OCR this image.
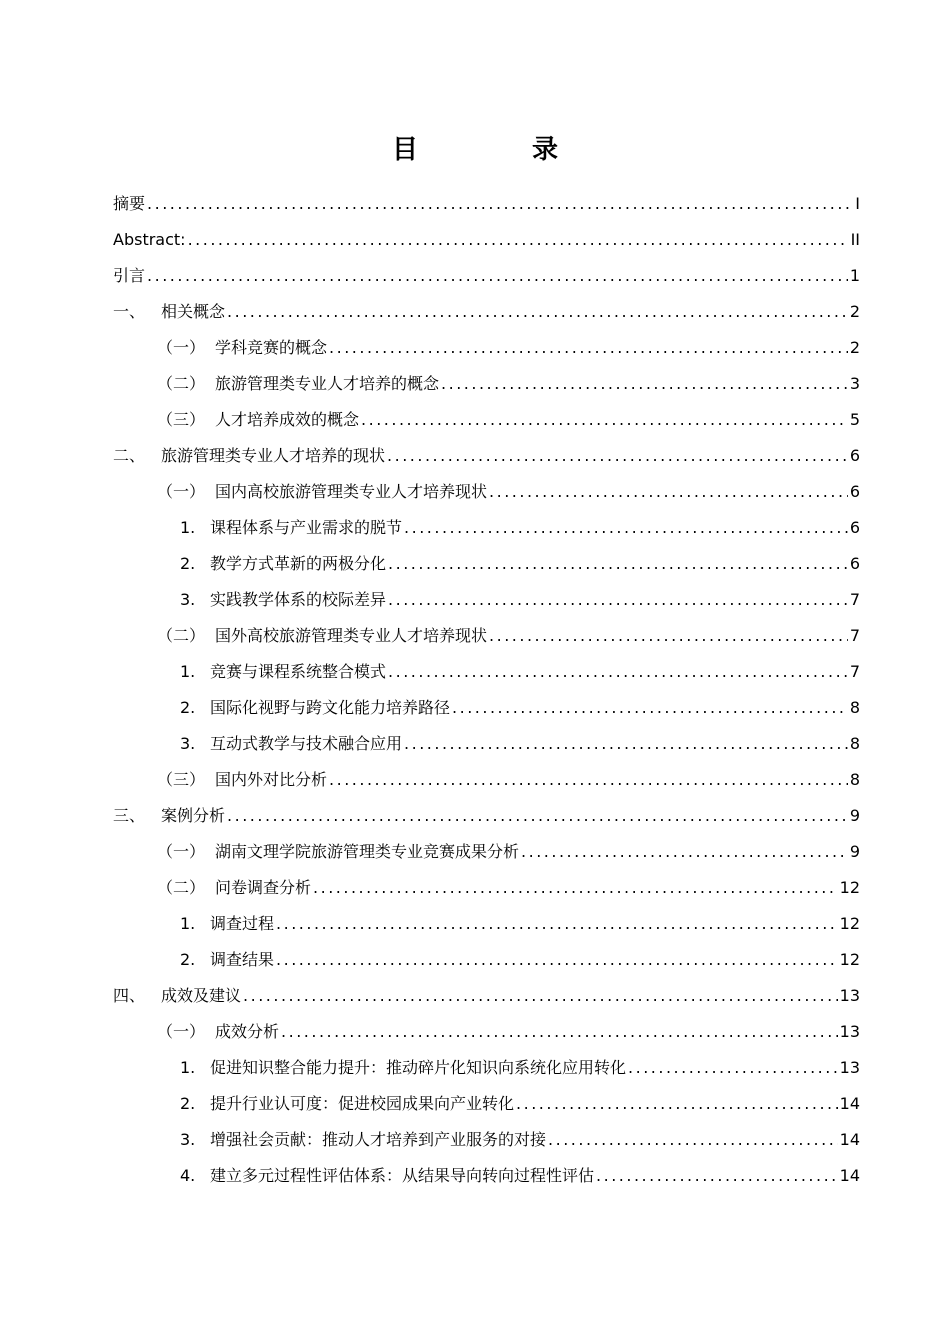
目　录
摘要 .....	I
Abstract: .....	II
引言 .....	1
一、 相关概念 .....	2
（一） 学科竞赛的概念 .....	2
（二） 旅游管理类专业人才培养的概念 .....	3
（三） 人才培养成效的概念 .....	5
二、 旅游管理类专业人才培养的现状 .....	6
（一） 国内高校旅游管理类专业人才培养现状 .....	6
1. 课程体系与产业需求的脱节 .....	6
2. 教学方式革新的两极分化 .....	6
3. 实践教学体系的校际差异 .....	7
（二） 国外高校旅游管理类专业人才培养现状 .....	7
1. 竞赛与课程系统整合模式 .....	7
2. 国际化视野与跨文化能力培养路径 .....	8
3. 互动式教学与技术融合应用 .....	8
（三） 国内外对比分析 .....	8
三、 案例分析 .....	9
（一） 湖南文理学院旅游管理类专业竞赛成果分析 .....	9
（二） 问卷调查分析 .....	12
1. 调查过程 .....	12
2. 调查结果 .....	12
四、 成效及建议 .....	13
（一） 成效分析 .....	13
1. 促进知识整合能力提升：推动碎片化知识向系统化应用转化 .....	13
2. 提升行业认可度：促进校园成果向产业转化 .....	14
3. 增强社会贡献：推动人才培养到产业服务的对接 .....	14
4. 建立多元过程性评估体系：从结果导向转向过程性评估 .....	14
